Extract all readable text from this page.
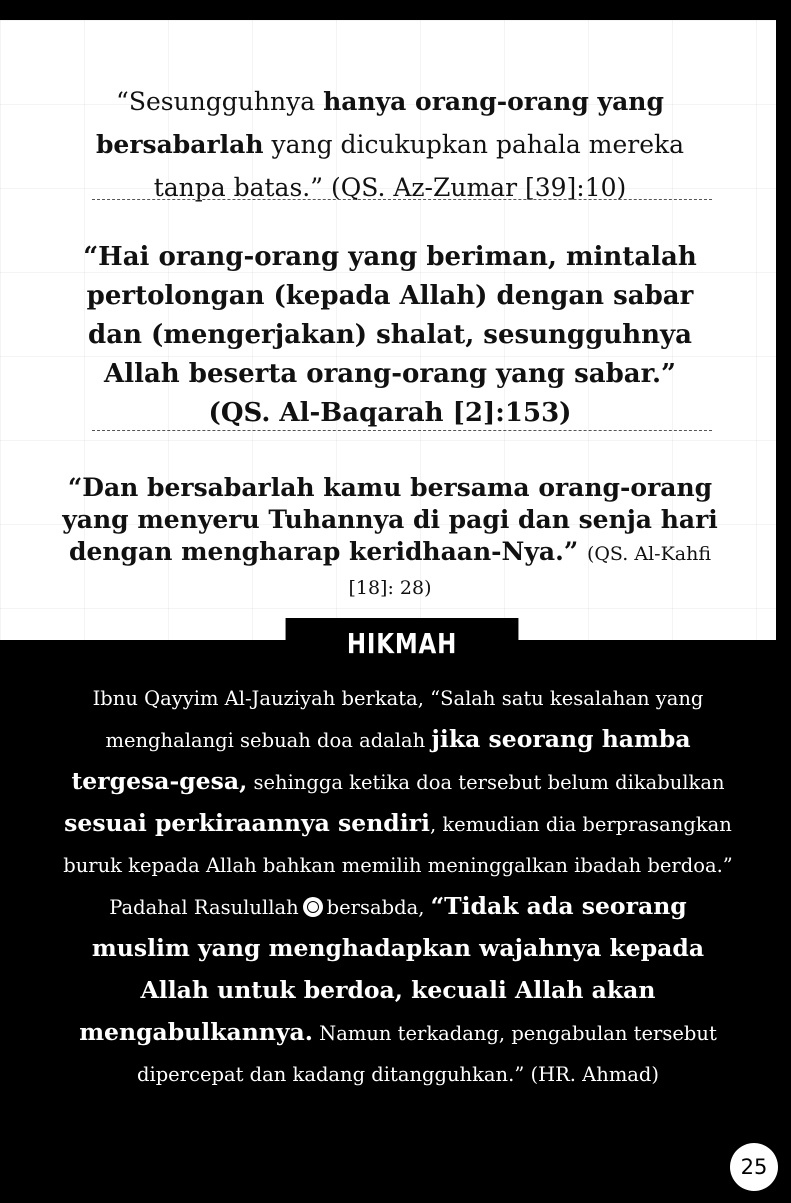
“Sesungguhnya hanya orang-orang yang
bersabarlah yang dicukupkan pahala mereka tanpa batas.” (QS. Az-Zumar [39]:10)
“Hai orang-orang yang beriman, mintalah pertolongan (kepada Allah) dengan sabar dan (mengerjakan) shalat, sesungguhnya Allah beserta orang-orang yang sabar.”
(QS. Al-Baqarah [2]:153)
“Dan bersabarlah kamu bersama orang-orang yang menyeru Tuhannya di pagi dan senja hari dengan mengharap keridhaan-Nya.” (QS. Al-Kahfi [18]: 28)
HIKMAH
Ibnu Qayyim Al-Jauziyah berkata, “Salah satu kesalahan yang menghalangi sebuah doa adalah jika seorang hamba tergesa-gesa, sehingga ketika doa tersebut belum dikabulkan sesuai perkiraannya sendiri, kemudian dia berprasangkan buruk kepada Allah bahkan memilih meninggalkan ibadah berdoa.” Padahal Rasulullah bersabda, “Tidak ada seorang muslim yang menghadapkan wajahnya kepada Allah untuk berdoa, kecuali Allah akan mengabulkannya. Namun terkadang, pengabulan tersebut dipercepat dan kadang ditangguhkan.” (HR. Ahmad)
25
